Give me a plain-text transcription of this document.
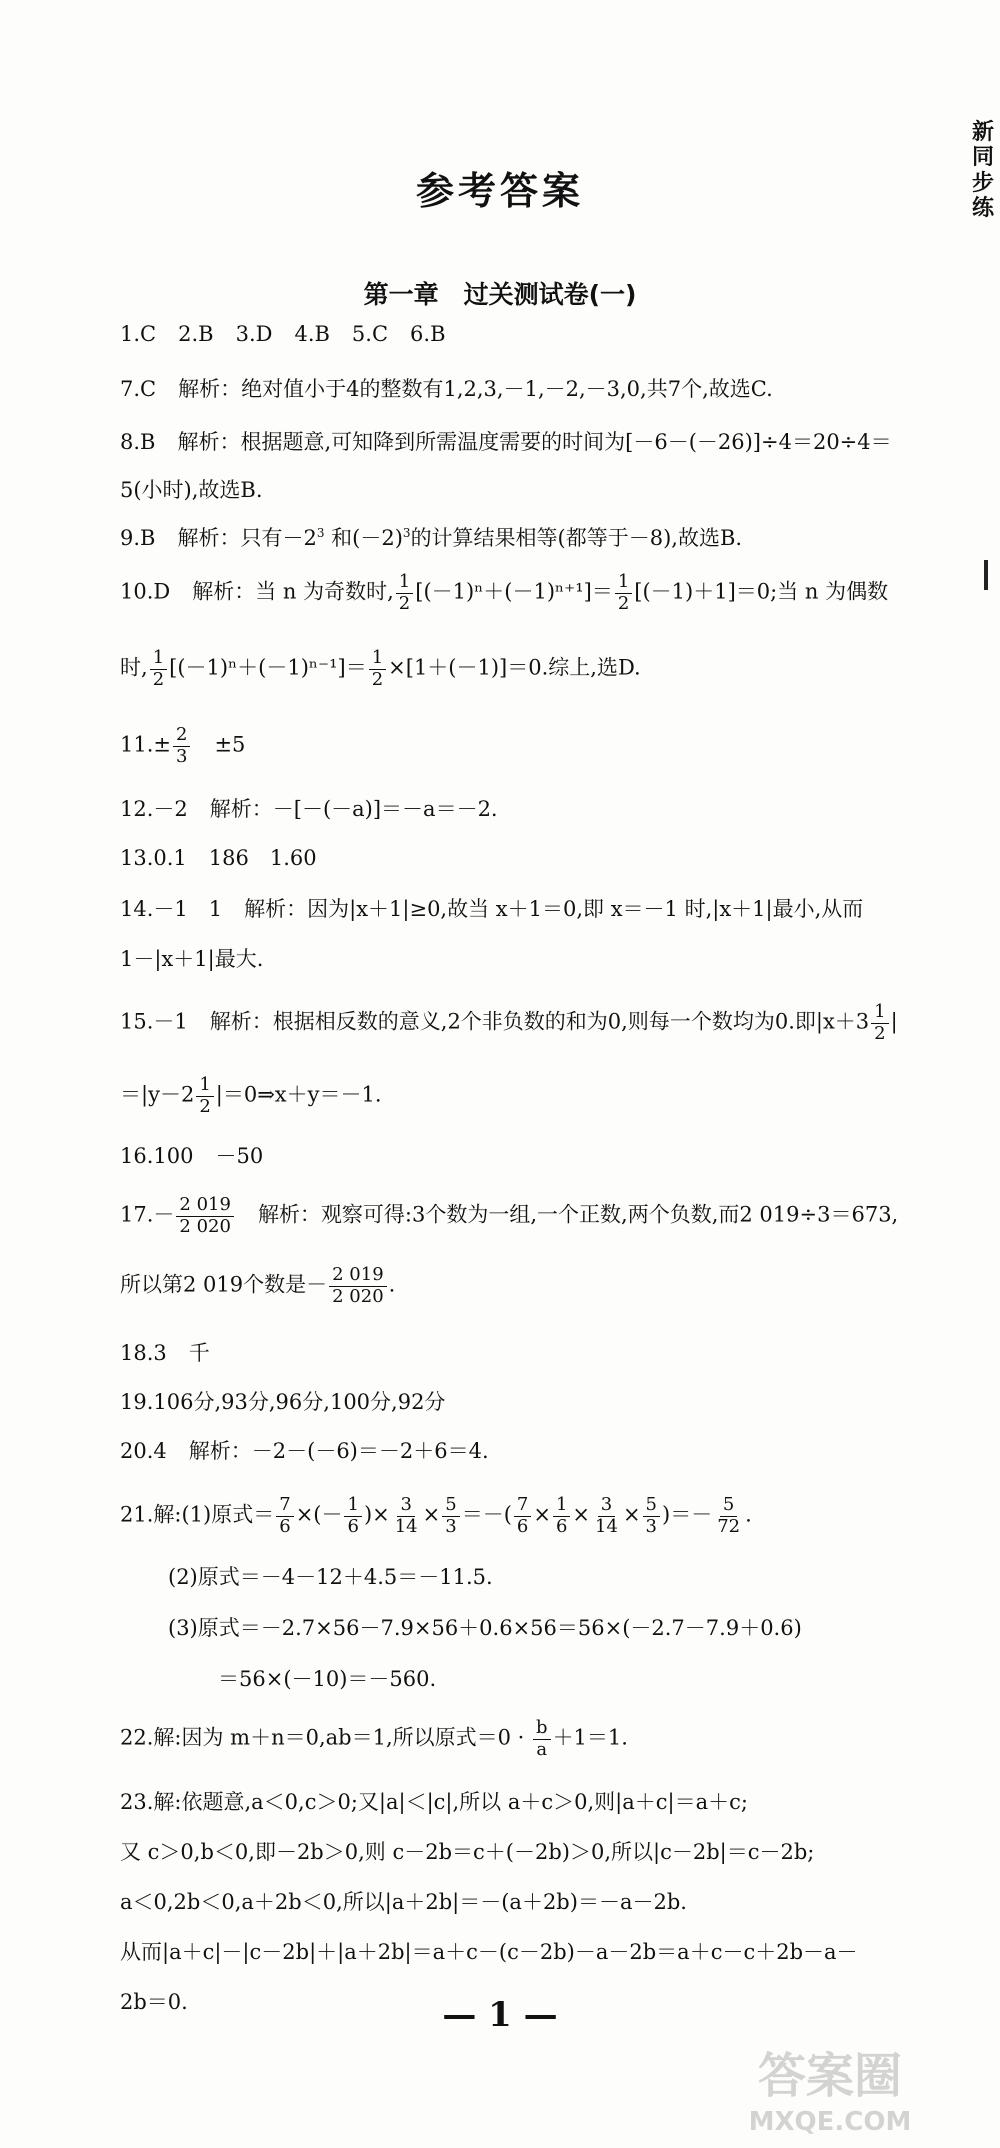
新同步练
参考答案
第一章　过关测试卷(一)
1.C 2.B 3.D 4.B 5.C 6.B
7.C 解析：绝对值小于4的整数有1,2,3,－1,－2,－3,0,共7个,故选C.
8.B 解析：根据题意,可知降到所需温度需要的时间为[－6－(－26)]÷4＝20÷4＝
5(小时),故选B.
9.B 解析：只有$-2^3$ 和$(-2)^3$的计算结果相等(都等于－8),故选B.
10.D 解析：当 n 为奇数时, $\frac{1}{2} [(-1)^n+(-1)^{n+1}]= \frac{1}{2} [(-1)+1]=0$;当 n 为偶数
时, $\frac{1}{2} [(-1)^n+(-1)^{n-1}]= \frac{1}{2} \times[1+(-1)]=0$.综上,选D.
$11.\pm \frac{2}{3} \pm 5$
12.－2 解析：－[－(－a)]＝－a＝－2.
13.0.1 186　1.60
14.－1　1 解析：因为|x＋1|≥0,故当 x＋1＝0,即 x＝－1 时,|x＋1|最小,从而
1－|x＋1|最大.
15.－1 解析：根据相反数的意义,2个非负数的和为0,则每一个数均为0.即$|x+3 \frac{1}{2}$ |
$=|y-2 \frac{1}{2}$ |＝0⇒x＋y＝－1.
16.100 －50
$17.- \frac{2 019}{2 020}$ 解析：观察可得:3个数为一组,一个正数,两个负数,而2 019÷3＝673,
所以第2 019个数是－ $\frac{2 019}{2 020}$ .
18.3 千
19.106分,93分,96分,100分,92分
20.4 解析：－2－(－6)＝－2＋6＝4.
21.解:(1)原式＝ $\frac{7}{6}$ ×(－ $\frac{1}{6}$ )× $\frac{3}{14} \times \frac{5}{3}$ ＝－( $\frac{7}{6} \times \frac{1}{6} \times \frac{3}{14} \times \frac{5}{3}$ )＝－ $\frac{5}{72}$ .
(2)原式＝－4－12＋4.5＝－11.5.
(3)原式＝－2.7×56－7.9×56＋0.6×56＝56×(－2.7－7.9＋0.6)
＝56×(－10)＝－560.
22.解:因为 m＋n＝0,ab＝1,所以原式$=0 \cdot \frac{b}{a} +1=1$.
23.解:依题意,a＜0,c＞0;又|a|＜|c|,所以 a＋c＞0,则|a＋c|＝a＋c;
又 c＞0,b＜0,即－2b＞0,则 c－2b＝c＋(－2b)＞0,所以|c－2b|＝c－2b;
a＜0,2b＜0,a＋2b＜0,所以|a＋2b|＝－(a＋2b)＝－a－2b.
从而|a＋c|－|c－2b|＋|a＋2b|＝a＋c－(c－2b)－a－2b＝a＋c－c＋2b－a－
2b＝0.	— 1 —
答案圈
MXQE.COM
